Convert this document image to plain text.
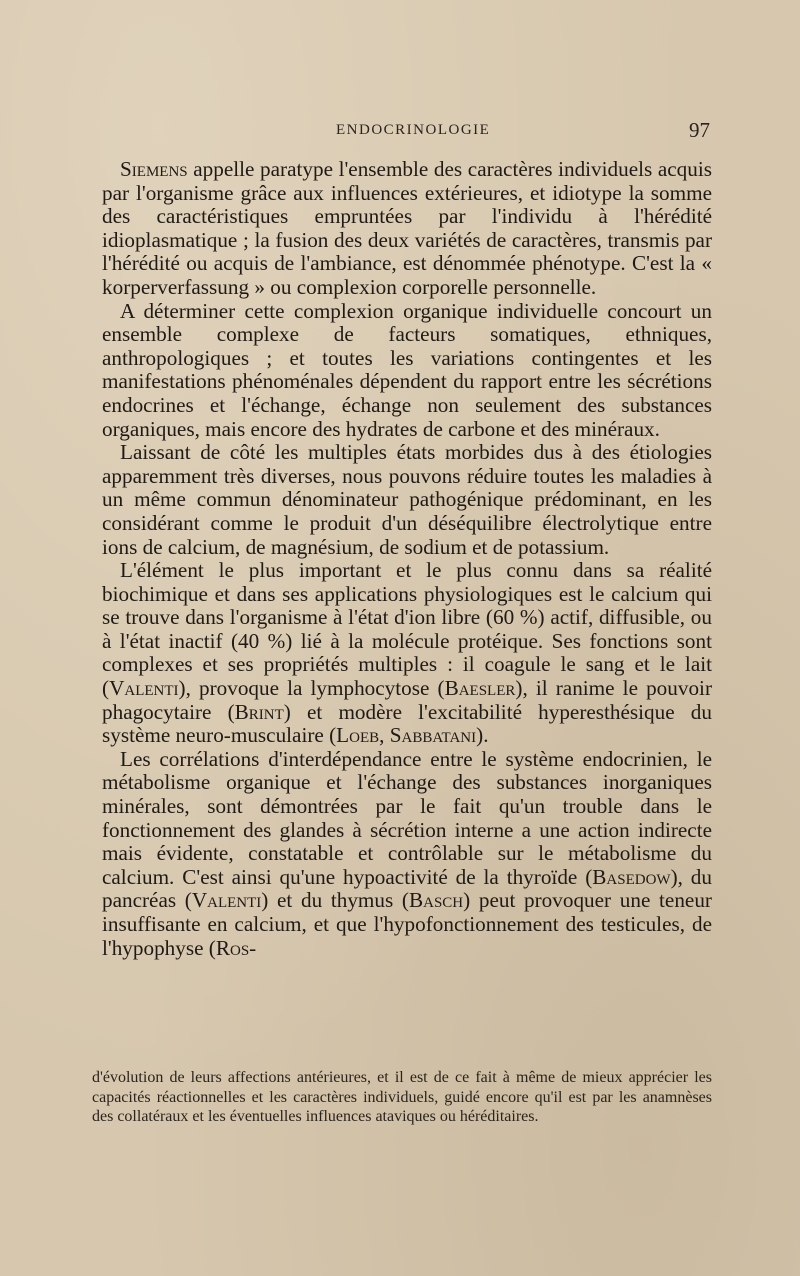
ENDOCRINOLOGIE	97

Siemens appelle paratype l'ensemble des caractères individuels acquis par l'organisme grâce aux influences extérieures, et idiotype la somme des caractéristiques empruntées par l'individu à l'hérédité idioplasmatique ; la fusion des deux variétés de caractères, transmis par l'hérédité ou acquis de l'ambiance, est dénommée phénotype. C'est la « korperverfassung » ou complexion corporelle personnelle.

A déterminer cette complexion organique individuelle concourt un ensemble complexe de facteurs somatiques, ethniques, anthropologiques ; et toutes les variations contingentes et les manifestations phénoménales dépendent du rapport entre les sécrétions endocrines et l'échange, échange non seulement des substances organiques, mais encore des hydrates de carbone et des minéraux.

Laissant de côté les multiples états morbides dus à des étiologies apparemment très diverses, nous pouvons réduire toutes les maladies à un même commun dénominateur pathogénique prédominant, en les considérant comme le produit d'un déséquilibre électrolytique entre ions de calcium, de magnésium, de sodium et de potassium.

L'élément le plus important et le plus connu dans sa réalité biochimique et dans ses applications physiologiques est le calcium qui se trouve dans l'organisme à l'état d'ion libre (60 %) actif, diffusible, ou à l'état inactif (40 %) lié à la molécule protéique. Ses fonctions sont complexes et ses propriétés multiples : il coagule le sang et le lait (Valenti), provoque la lymphocytose (Baesler), il ranime le pouvoir phagocytaire (Brint) et modère l'excitabilité hyperesthésique du système neuro-musculaire (Loeb, Sabbatani).

Les corrélations d'interdépendance entre le système endocrinien, le métabolisme organique et l'échange des substances inorganiques minérales, sont démontrées par le fait qu'un trouble dans le fonctionnement des glandes à sécrétion interne a une action indirecte mais évidente, constatable et contrôlable sur le métabolisme du calcium. C'est ainsi qu'une hypoactivité de la thyroïde (Basedow), du pancréas (Valenti) et du thymus (Basch) peut provoquer une teneur insuffisante en calcium, et que l'hypofonctionnement des testicules, de l'hypophyse (Ros-

d'évolution de leurs affections antérieures, et il est de ce fait à même de mieux apprécier les capacités réactionnelles et les caractères individuels, guidé encore qu'il est par les anamnèses des collatéraux et les éventuelles influences ataviques ou héréditaires.
